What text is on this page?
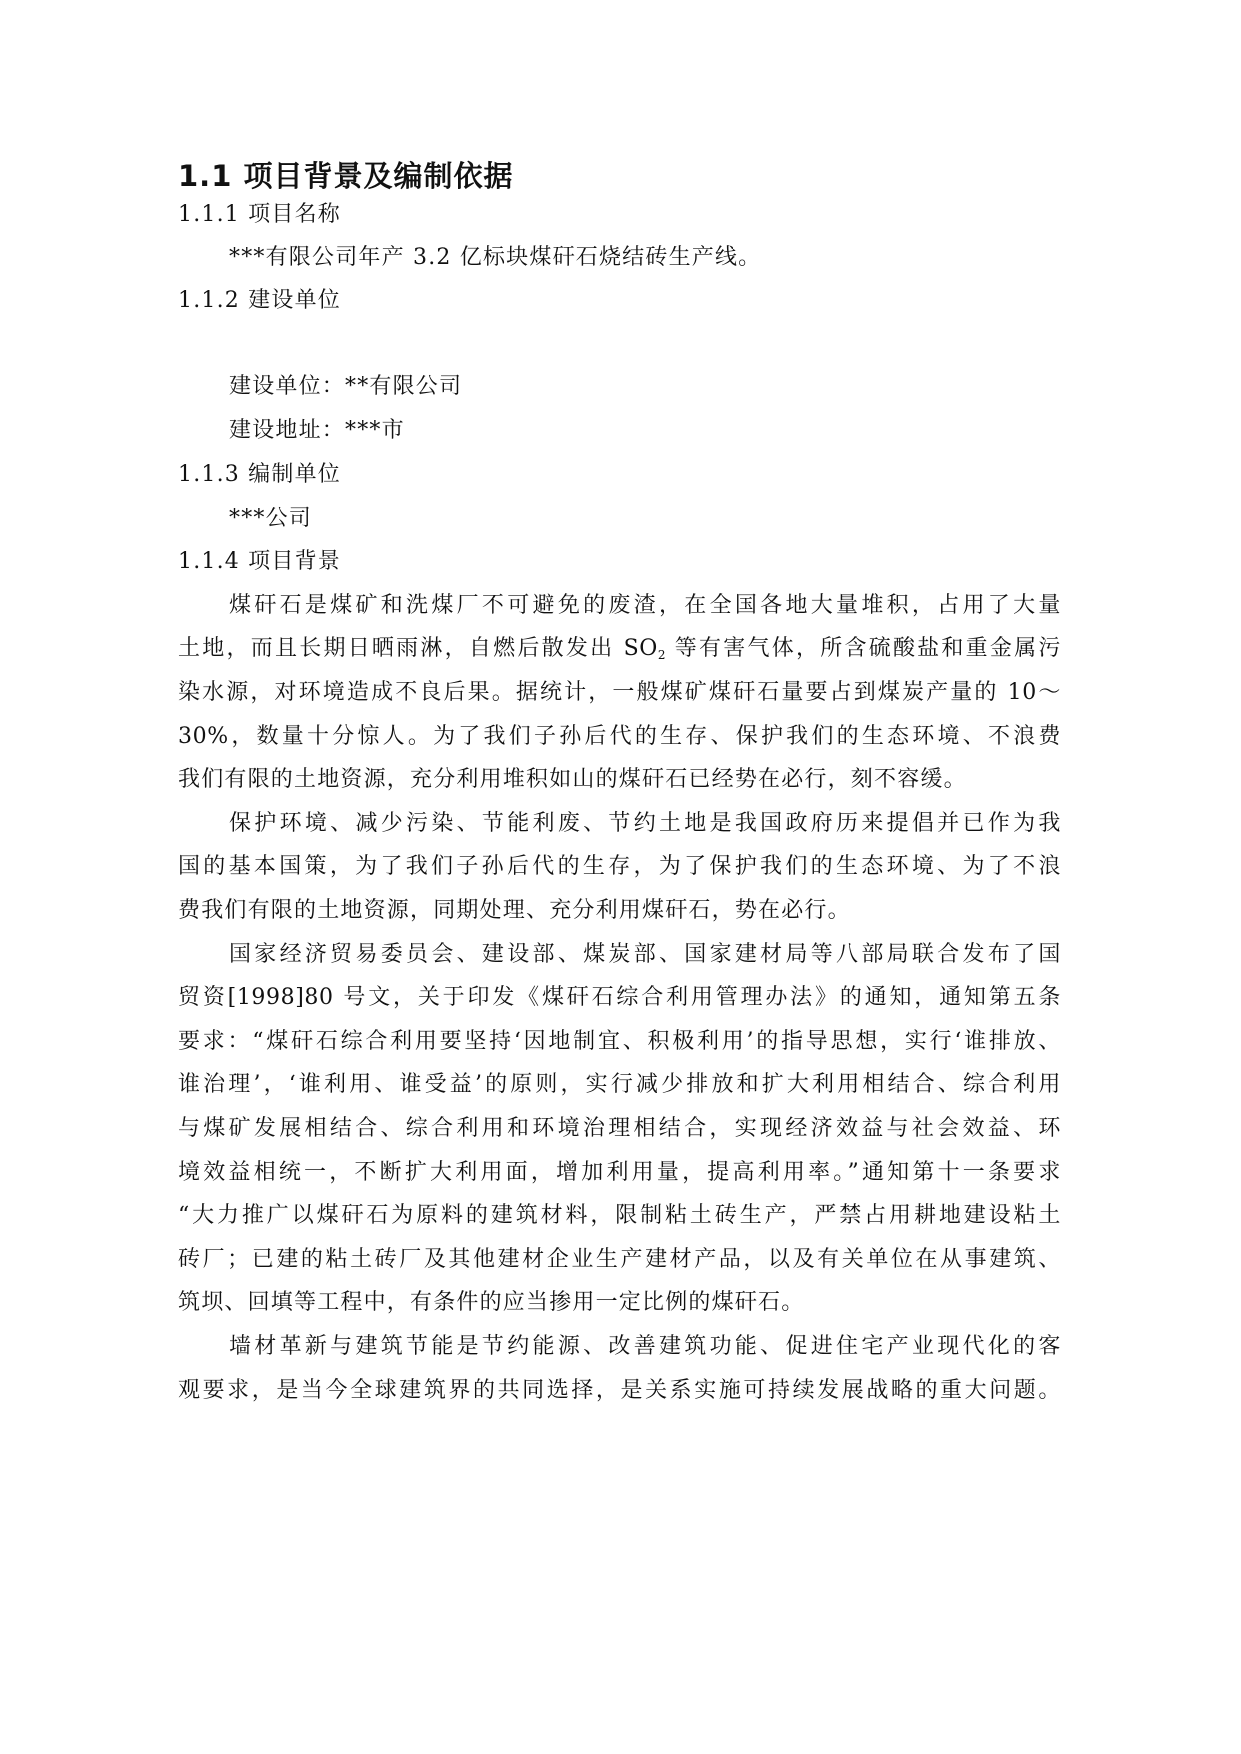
1.1 项目背景及编制依据
1.1.1 项目名称
***有限公司年产 3.2 亿标块煤矸石烧结砖生产线。
1.1.2 建设单位
建设单位：**有限公司
建设地址：***市
1.1.3 编制单位
***公司
1.1.4 项目背景
煤矸石是煤矿和洗煤厂不可避免的废渣，在全国各地大量堆积，占用了大量
土地，而且长期日晒雨淋，自燃后散发出 $SO_2$ 等有害气体，所含硫酸盐和重金属污
染水源，对环境造成不良后果。据统计，一般煤矿煤矸石量要占到煤炭产量的 10～
30%，数量十分惊人。为了我们子孙后代的生存、保护我们的生态环境、不浪费
我们有限的土地资源，充分利用堆积如山的煤矸石已经势在必行，刻不容缓。
保护环境、减少污染、节能利废、节约土地是我国政府历来提倡并已作为我
国的基本国策，为了我们子孙后代的生存，为了保护我们的生态环境、为了不浪
费我们有限的土地资源，同期处理、充分利用煤矸石，势在必行。
国家经济贸易委员会、建设部、煤炭部、国家建材局等八部局联合发布了国
贸资[1998]80 号文，关于印发《煤矸石综合利用管理办法》的通知，通知第五条
要求：“煤矸石综合利用要坚持‘因地制宜、积极利用’的指导思想，实行‘谁排放、
谁治理’，‘谁利用、谁受益’的原则，实行减少排放和扩大利用相结合、综合利用
与煤矿发展相结合、综合利用和环境治理相结合，实现经济效益与社会效益、环
境效益相统一，不断扩大利用面，增加利用量，提高利用率。”通知第十一条要求
“大力推广以煤矸石为原料的建筑材料，限制粘土砖生产，严禁占用耕地建设粘土
砖厂；已建的粘土砖厂及其他建材企业生产建材产品，以及有关单位在从事建筑、
筑坝、回填等工程中，有条件的应当掺用一定比例的煤矸石。
墙材革新与建筑节能是节约能源、改善建筑功能、促进住宅产业现代化的客
观要求，是当今全球建筑界的共同选择，是关系实施可持续发展战略的重大问题。
